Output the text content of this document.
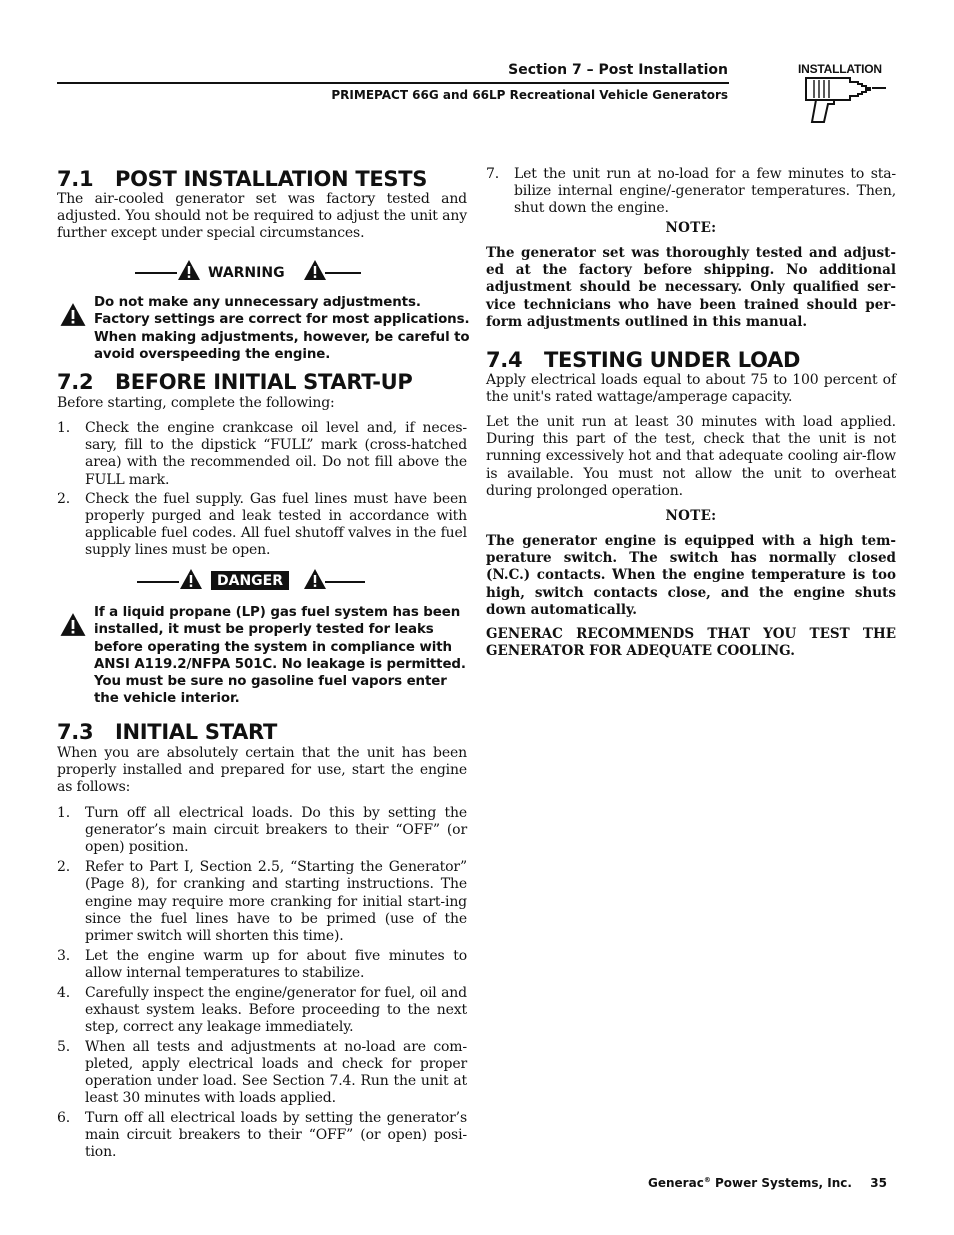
Section 7 – Post Installation
PRIMEPACT 66G and 66LP Recreational Vehicle Generators
INSTALLATION
7.1 POST INSTALLATION TESTS

The air-cooled generator set was factory tested and adjusted. You should not be required to adjust the unit any further except under special circumstances.

WARNING
Do not make any unnecessary adjustments. Factory settings are correct for most applications. When making adjustments, however, be careful to avoid overspeeding the engine.
7.2 BEFORE INITIAL START-UP

Before starting, complete the following:

1. Check the engine crankcase oil level and, if neces-sary, fill to the dipstick “FULL” mark (cross-hatched area) with the recommended oil. Do not fill above the FULL mark.
2. Check the fuel supply. Gas fuel lines must have been properly purged and leak tested in accordance with applicable fuel codes. All fuel shutoff valves in the fuel supply lines must be open.
DANGER
If a liquid propane (LP) gas fuel system has been installed, it must be properly tested for leaks before operating the system in compliance with ANSI A119.2/NFPA 501C. No leakage is permitted. You must be sure no gasoline fuel vapors enter the vehicle interior.
7.3 INITIAL START

When you are absolutely certain that the unit has been properly installed and prepared for use, start the engine as follows:

1. Turn off all electrical loads. Do this by setting the generator’s main circuit breakers to their “OFF” (or open) position.
2. Refer to Part I, Section 2.5, “Starting the Generator” (Page 8), for cranking and starting instructions. The engine may require more cranking for initial start-ing since the fuel lines have to be primed (use of the primer switch will shorten this time).
3. Let the engine warm up for about five minutes to allow internal temperatures to stabilize.
4. Carefully inspect the engine/generator for fuel, oil and exhaust system leaks. Before proceeding to the next step, correct any leakage immediately.
5. When all tests and adjustments at no-load are com-pleted, apply electrical loads and check for proper operation under load. See Section 7.4. Run the unit at least 30 minutes with loads applied.
6. Turn off all electrical loads by setting the generator’s main circuit breakers to their “OFF” (or open) posi-tion.
7. Let the unit run at no-load for a few minutes to sta-bilize internal engine/-generator temperatures. Then, shut down the engine.
NOTE:

The generator set was thoroughly tested and adjust-ed at the factory before shipping. No additional adjustment should be necessary. Only qualified ser-vice technicians who have been trained should per-form adjustments outlined in this manual.

7.4 TESTING UNDER LOAD

Apply electrical loads equal to about 75 to 100 percent of the unit's rated wattage/amperage capacity.

Let the unit run at least 30 minutes with load applied. During this part of the test, check that the unit is not running excessively hot and that adequate cooling air-flow is available. You must not allow the unit to overheat during prolonged operation.

NOTE:

The generator engine is equipped with a high tem-perature switch. The switch has normally closed (N.C.) contacts. When the engine temperature is too high, switch contacts close, and the engine shuts down automatically.

GENERAC RECOMMENDS THAT YOU TEST THE GENERATOR FOR ADEQUATE COOLING.

Generac® Power Systems, Inc. 35
